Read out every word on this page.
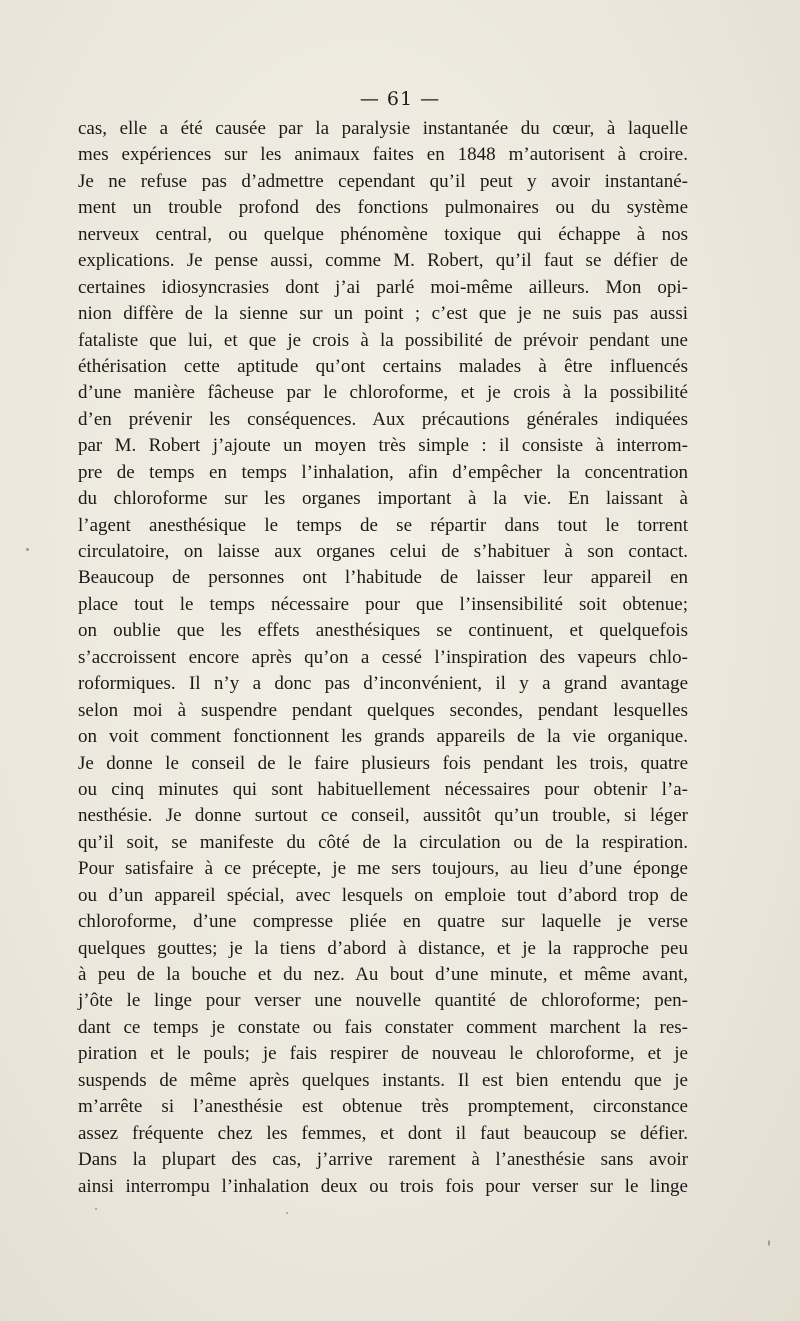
— 61 —
cas, elle a été causée par la paralysie instantanée du cœur, à laquelle
mes expériences sur les animaux faites en 1848 m’autorisent à croire.
Je ne refuse pas d’admettre cependant qu’il peut y avoir instantané-
ment un trouble profond des fonctions pulmonaires ou du système
nerveux central, ou quelque phénomène toxique qui échappe à nos
explications. Je pense aussi, comme M. Robert, qu’il faut se défier de
certaines idiosyncrasies dont j’ai parlé moi-même ailleurs. Mon opi-
nion diffère de la sienne sur un point ; c’est que je ne suis pas aussi
fataliste que lui, et que je crois à la possibilité de prévoir pendant une
éthérisation cette aptitude qu’ont certains malades à être influencés
d’une manière fâcheuse par le chloroforme, et je crois à la possibilité
d’en prévenir les conséquences. Aux précautions générales indiquées
par M. Robert j’ajoute un moyen très simple : il consiste à interrom-
pre de temps en temps l’inhalation, afin d’empêcher la concentration
du chloroforme sur les organes important à la vie. En laissant à
l’agent anesthésique le temps de se répartir dans tout le torrent
circulatoire, on laisse aux organes celui de s’habituer à son contact.
Beaucoup de personnes ont l’habitude de laisser leur appareil en
place tout le temps nécessaire pour que l’insensibilité soit obtenue;
on oublie que les effets anesthésiques se continuent, et quelquefois
s’accroissent encore après qu’on a cessé l’inspiration des vapeurs chlo-
roformiques. Il n’y a donc pas d’inconvénient, il y a grand avantage
selon moi à suspendre pendant quelques secondes, pendant lesquelles
on voit comment fonctionnent les grands appareils de la vie organique.
Je donne le conseil de le faire plusieurs fois pendant les trois, quatre
ou cinq minutes qui sont habituellement nécessaires pour obtenir l’a-
nesthésie. Je donne surtout ce conseil, aussitôt qu’un trouble, si léger
qu’il soit, se manifeste du côté de la circulation ou de la respiration.
Pour satisfaire à ce précepte, je me sers toujours, au lieu d’une éponge
ou d’un appareil spécial, avec lesquels on emploie tout d’abord trop de
chloroforme, d’une compresse pliée en quatre sur laquelle je verse
quelques gouttes; je la tiens d’abord à distance, et je la rapproche peu
à peu de la bouche et du nez. Au bout d’une minute, et même avant,
j’ôte le linge pour verser une nouvelle quantité de chloroforme; pen-
dant ce temps je constate ou fais constater comment marchent la res-
piration et le pouls; je fais respirer de nouveau le chloroforme, et je
suspends de même après quelques instants. Il est bien entendu que je
m’arrête si l’anesthésie est obtenue très promptement, circonstance
assez fréquente chez les femmes, et dont il faut beaucoup se défier.
Dans la plupart des cas, j’arrive rarement à l’anesthésie sans avoir
ainsi interrompu l’inhalation deux ou trois fois pour verser sur le linge
